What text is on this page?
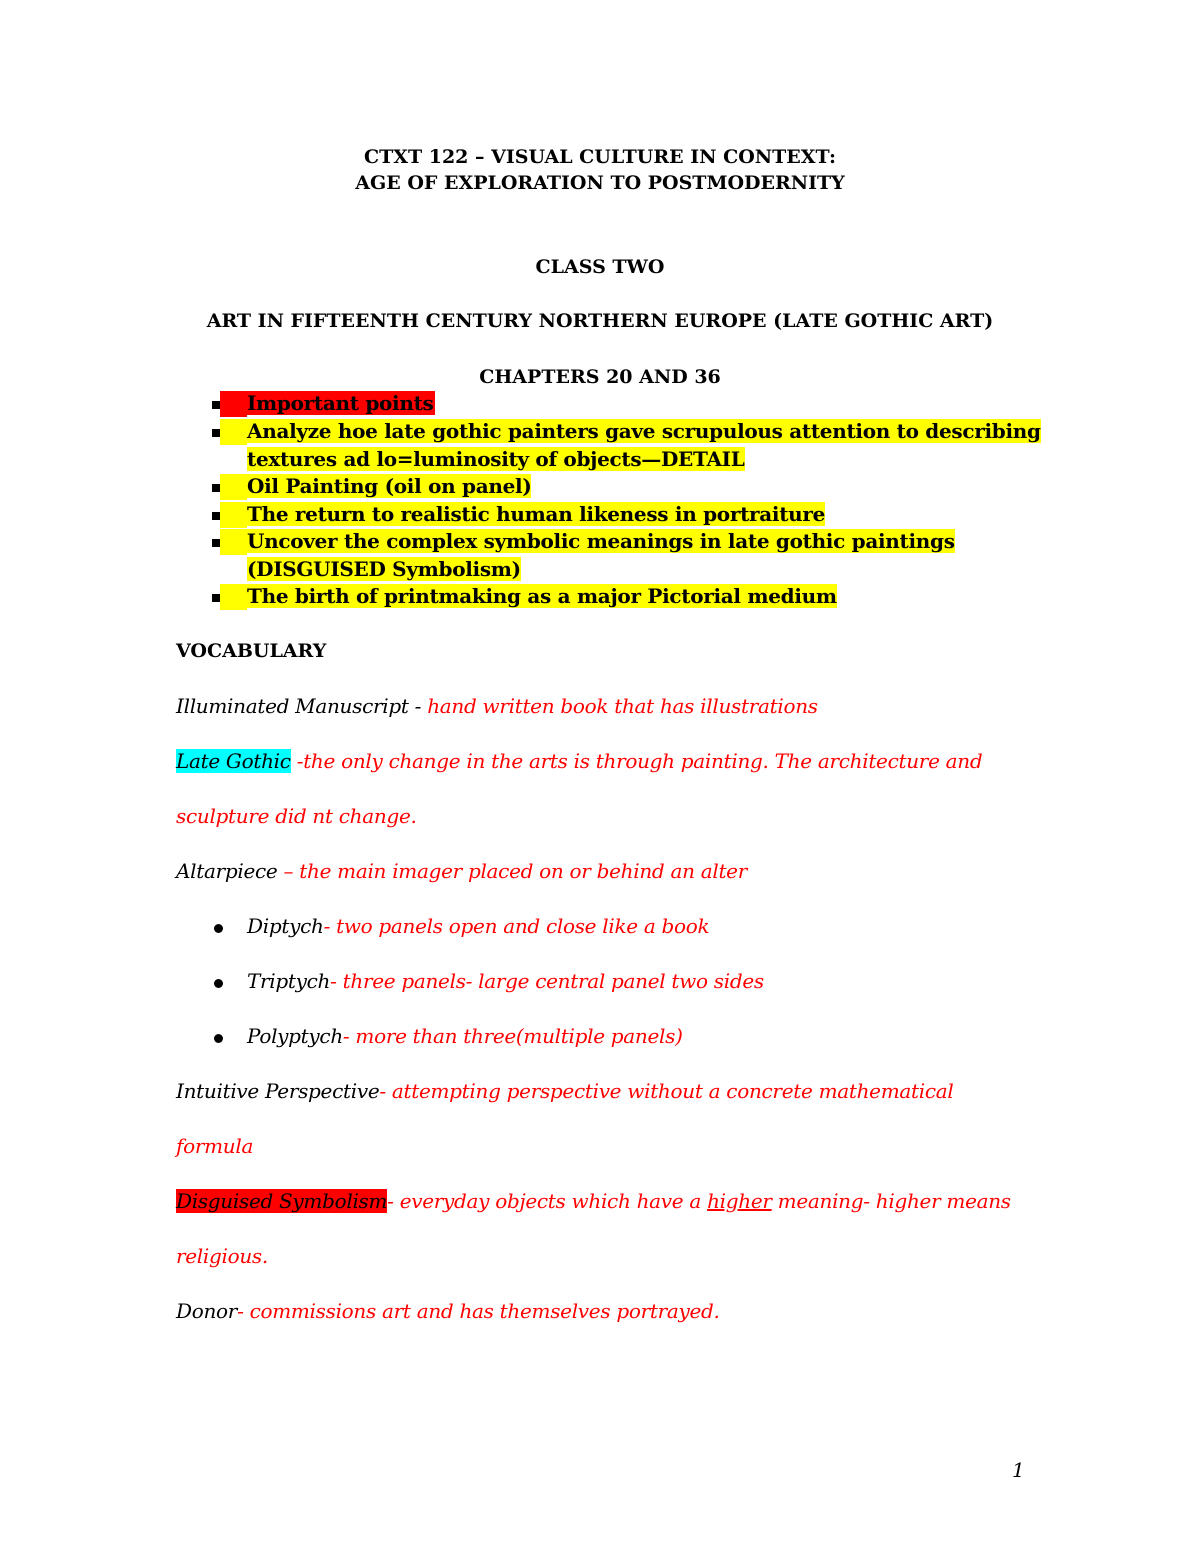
CTXT 122 – VISUAL CULTURE IN CONTEXT:
AGE OF EXPLORATION TO POSTMODERNITY
CLASS TWO
ART IN FIFTEENTH CENTURY NORTHERN EUROPE (LATE GOTHIC ART)
CHAPTERS 20 AND 36
Important points
Analyze hoe late gothic painters gave scrupulous attention to describing
textures ad lo=luminosity of objects—DETAIL
Oil Painting (oil on panel)
The return to realistic human likeness in portraiture
Uncover the complex symbolic meanings in late gothic paintings
(DISGUISED Symbolism)
The birth of printmaking as a major Pictorial medium
VOCABULARY
Illuminated Manuscript - hand written book that has illustrations
Late Gothic -the only change in the arts is through painting. The architecture and
sculpture did nt change.
Altarpiece – the main imager placed on or behind an alter
Diptych- two panels open and close like a book
Triptych- three panels- large central panel two sides
Polyptych- more than three(multiple panels)
Intuitive Perspective- attempting perspective without a concrete mathematical
formula
Disguised Symbolism- everyday objects which have a higher meaning- higher means
religious.
Donor- commissions art and has themselves portrayed.
1
